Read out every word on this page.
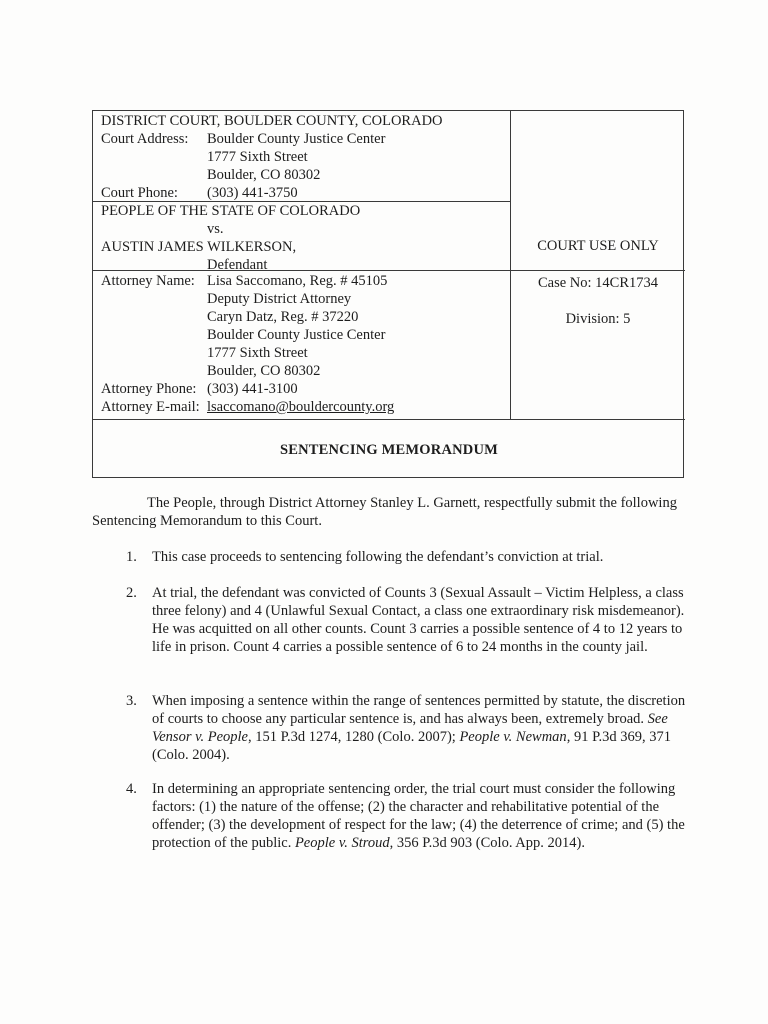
DISTRICT COURT, BOULDER COUNTY, COLORADO
Court Address: Boulder County Justice Center
1777 Sixth Street
Boulder, CO 80302
Court Phone: (303) 441-3750
PEOPLE OF THE STATE OF COLORADO
vs.
AUSTIN JAMES WILKERSON,
Defendant
COURT USE ONLY
Attorney Name: Lisa Saccomano, Reg. # 45105
Deputy District Attorney
Caryn Datz, Reg. # 37220
Boulder County Justice Center
1777 Sixth Street
Boulder, CO 80302
Attorney Phone: (303) 441-3100
Attorney E-mail: lsaccomano@bouldercounty.org
Case No: 14CR1734
Division: 5
SENTENCING MEMORANDUM
The People, through District Attorney Stanley L. Garnett, respectfully submit the following Sentencing Memorandum to this Court.
1. This case proceeds to sentencing following the defendant’s conviction at trial.
2. At trial, the defendant was convicted of Counts 3 (Sexual Assault – Victim Helpless, a class three felony) and 4 (Unlawful Sexual Contact, a class one extraordinary risk misdemeanor). He was acquitted on all other counts. Count 3 carries a possible sentence of 4 to 12 years to life in prison. Count 4 carries a possible sentence of 6 to 24 months in the county jail.
3. When imposing a sentence within the range of sentences permitted by statute, the discretion of courts to choose any particular sentence is, and has always been, extremely broad. See Vensor v. People, 151 P.3d 1274, 1280 (Colo. 2007); People v. Newman, 91 P.3d 369, 371 (Colo. 2004).
4. In determining an appropriate sentencing order, the trial court must consider the following factors: (1) the nature of the offense; (2) the character and rehabilitative potential of the offender; (3) the development of respect for the law; (4) the deterrence of crime; and (5) the protection of the public. People v. Stroud, 356 P.3d 903 (Colo. App. 2014).
